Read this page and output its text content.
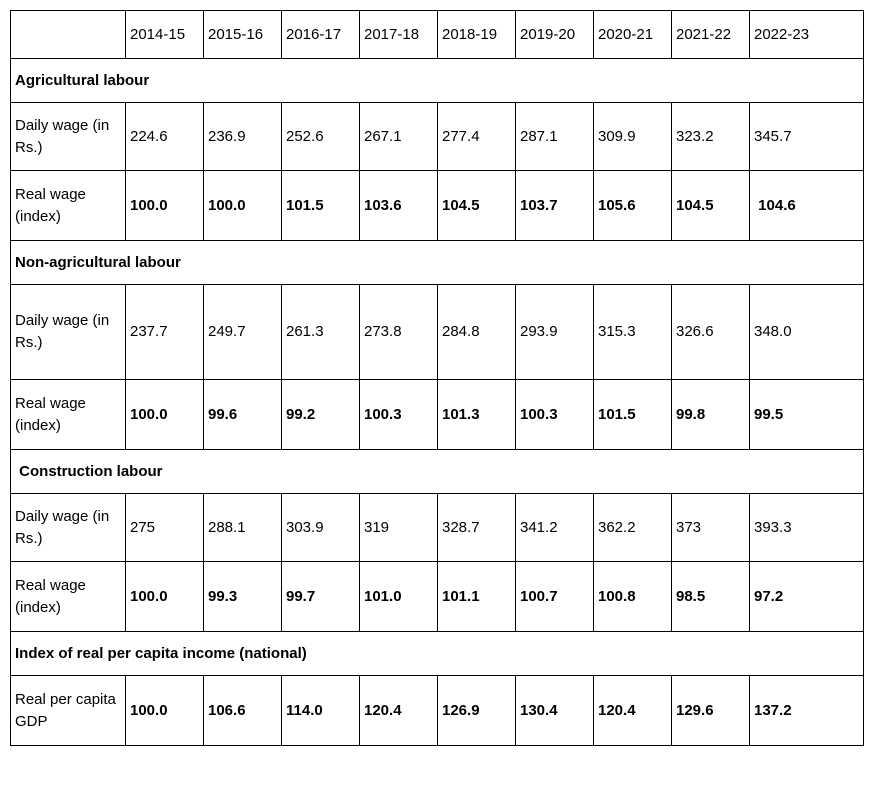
	2014-15	2015-16	2016-17	2017-18	2018-19	2019-20	2020-21	2021-22	2022-23
Agricultural labour									
Daily wage (in Rs.)	224.6	236.9	252.6	267.1	277.4	287.1	309.9	323.2	345.7
Real wage (index)	100.0	100.0	101.5	103.6	104.5	103.7	105.6	104.5	104.6
Non-agricultural labour									
Daily wage (in Rs.)	237.7	249.7	261.3	273.8	284.8	293.9	315.3	326.6	348.0
Real wage (index)	100.0	99.6	99.2	100.3	101.3	100.3	101.5	99.8	99.5
Construction labour									
Daily wage (in Rs.)	275	288.1	303.9	319	328.7	341.2	362.2	373	393.3
Real wage (index)	100.0	99.3	99.7	101.0	101.1	100.7	100.8	98.5	97.2
Index of real per capita income (national)									
Real per capita GDP	100.0	106.6	114.0	120.4	126.9	130.4	120.4	129.6	137.2
